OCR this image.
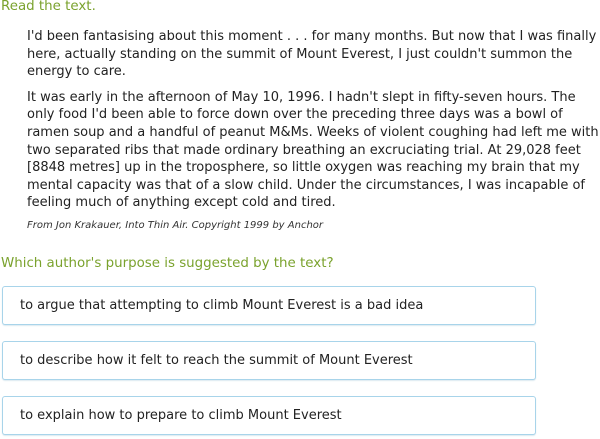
Read the text.

I'd been fantasising about this moment . . . for many months. But now that I was finally here, actually standing on the summit of Mount Everest, I just couldn't summon the energy to care.

It was early in the afternoon of May 10, 1996. I hadn't slept in fifty-seven hours. The only food I'd been able to force down over the preceding three days was a bowl of ramen soup and a handful of peanut M&Ms. Weeks of violent coughing had left me with two separated ribs that made ordinary breathing an excruciating trial. At 29,028 feet [8848 metres] up in the troposphere, so little oxygen was reaching my brain that my mental capacity was that of a slow child. Under the circumstances, I was incapable of feeling much of anything except cold and tired.

From Jon Krakauer, Into Thin Air. Copyright 1999 by Anchor
Which author's purpose is suggested by the text?
to argue that attempting to climb Mount Everest is a bad idea
to describe how it felt to reach the summit of Mount Everest
to explain how to prepare to climb Mount Everest
